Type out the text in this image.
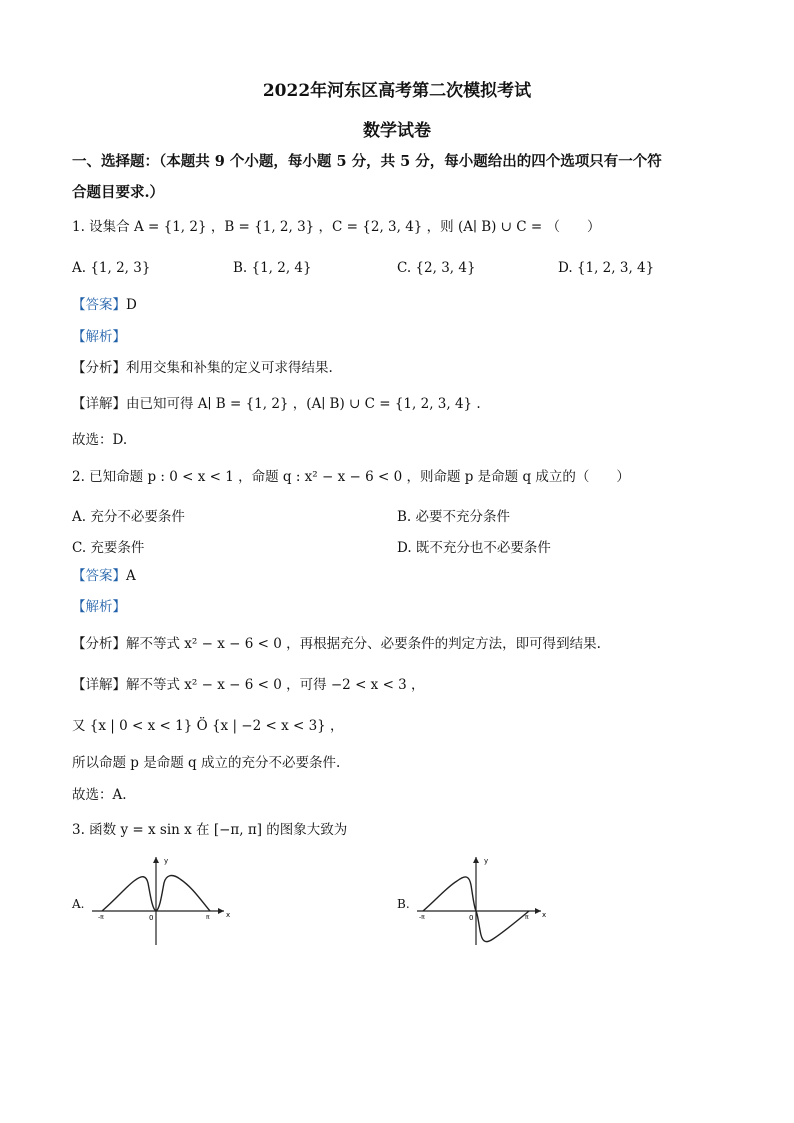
2022年河东区高考第二次模拟考试
数学试卷
一、选择题：（本题共 9 个小题，每小题 5 分，共 5 分，每小题给出的四个选项只有一个符
合题目要求.）
1. 设集合 A = {1, 2} ，B = {1, 2, 3} ，C = {2, 3, 4} ，则 (A∣ B) ∪ C = （　　）
A. {1, 2, 3}	B. {1, 2, 4}	C. {2, 3, 4}	D. {1, 2, 3, 4}
【答案】D
【解析】
【分析】利用交集和补集的定义可求得结果.
【详解】由已知可得 A∣ B = {1, 2} ，(A∣ B) ∪ C = {1, 2, 3, 4} .
故选：D.
2. 已知命题 p : 0 < x < 1 ，命题 q : x² − x − 6 < 0 ，则命题 p 是命题 q 成立的（　　）
A. 充分不必要条件	B. 必要不充分条件
C. 充要条件	D. 既不充分也不必要条件
【答案】A
【解析】
【分析】解不等式 x² − x − 6 < 0 ，再根据充分、必要条件的判定方法，即可得到结果.
【详解】解不等式 x² − x − 6 < 0 ，可得 −2 < x < 3 ，
又 {x | 0 < x < 1} Ö {x | −2 < x < 3} ，
所以命题 p 是命题 q 成立的充分不必要条件.
故选：A.
3. 函数 y = x sin x 在 [−π, π] 的图象大致为
A.
y
x
0
-π	π
B.
y
x
0
-π	π
